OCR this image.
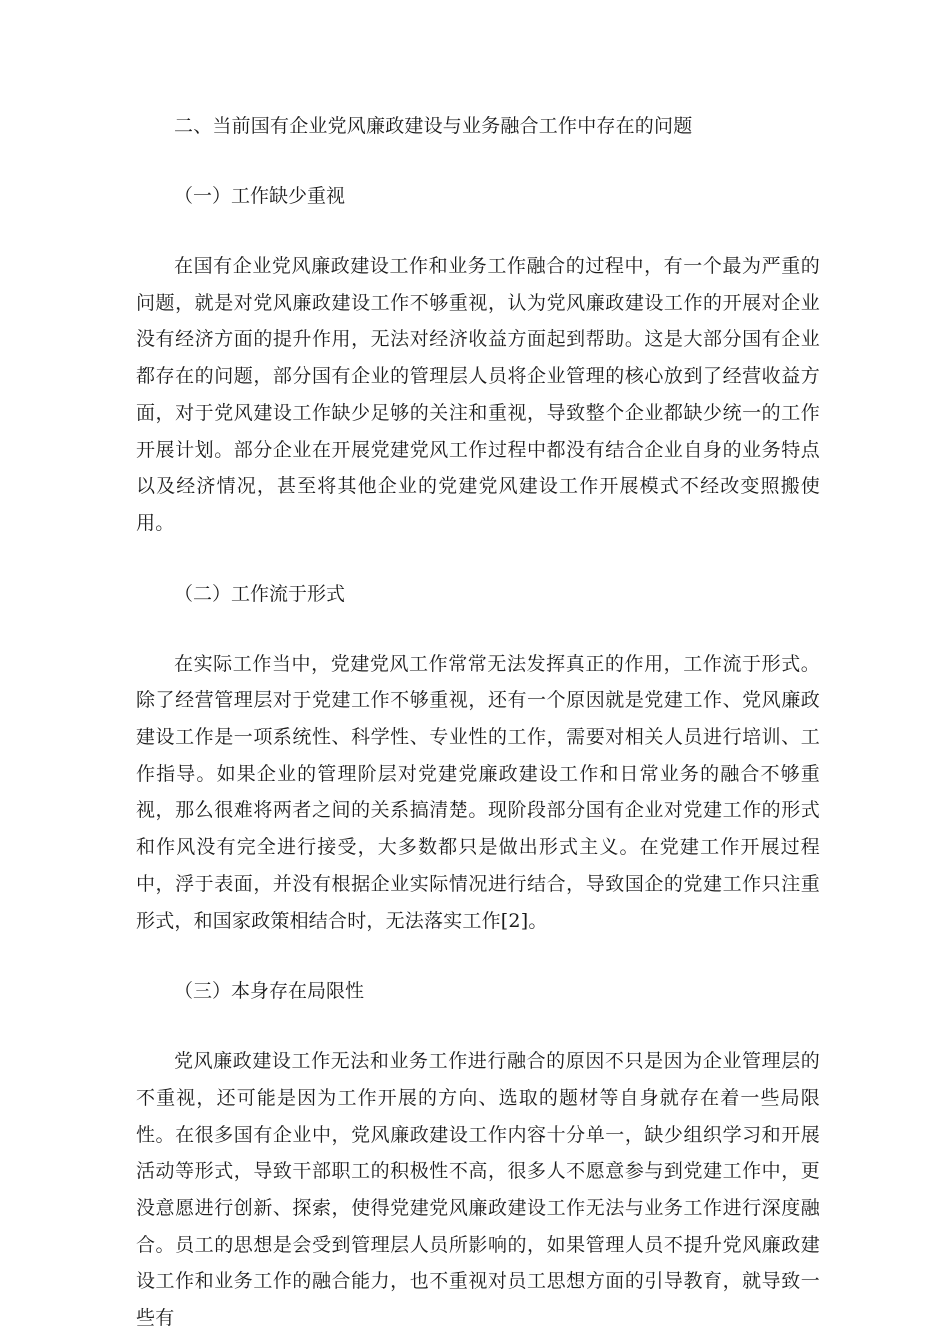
二、当前国有企业党风廉政建设与业务融合工作中存在的问题

（一）工作缺少重视

在国有企业党风廉政建设工作和业务工作融合的过程中，有一个最为严重的问题，就是对党风廉政建设工作不够重视，认为党风廉政建设工作的开展对企业没有经济方面的提升作用，无法对经济收益方面起到帮助。这是大部分国有企业都存在的问题，部分国有企业的管理层人员将企业管理的核心放到了经营收益方面，对于党风建设工作缺少足够的关注和重视，导致整个企业都缺少统一的工作开展计划。部分企业在开展党建党风工作过程中都没有结合企业自身的业务特点以及经济情况，甚至将其他企业的党建党风建设工作开展模式不经改变照搬使用。

（二）工作流于形式

在实际工作当中，党建党风工作常常无法发挥真正的作用，工作流于形式。除了经营管理层对于党建工作不够重视，还有一个原因就是党建工作、党风廉政建设工作是一项系统性、科学性、专业性的工作，需要对相关人员进行培训、工作指导。如果企业的管理阶层对党建党廉政建设工作和日常业务的融合不够重视，那么很难将两者之间的关系搞清楚。现阶段部分国有企业对党建工作的形式和作风没有完全进行接受，大多数都只是做出形式主义。在党建工作开展过程中，浮于表面，并没有根据企业实际情况进行结合，导致国企的党建工作只注重形式，和国家政策相结合时，无法落实工作[2]。

（三）本身存在局限性

党风廉政建设工作无法和业务工作进行融合的原因不只是因为企业管理层的不重视，还可能是因为工作开展的方向、选取的题材等自身就存在着一些局限性。在很多国有企业中，党风廉政建设工作内容十分单一，缺少组织学习和开展活动等形式，导致干部职工的积极性不高，很多人不愿意参与到党建工作中，更没意愿进行创新、探索，使得党建党风廉政建设工作无法与业务工作进行深度融合。员工的思想是会受到管理层人员所影响的，如果管理人员不提升党风廉政建设工作和业务工作的融合能力，也不重视对员工思想方面的引导教育，就导致一些有
